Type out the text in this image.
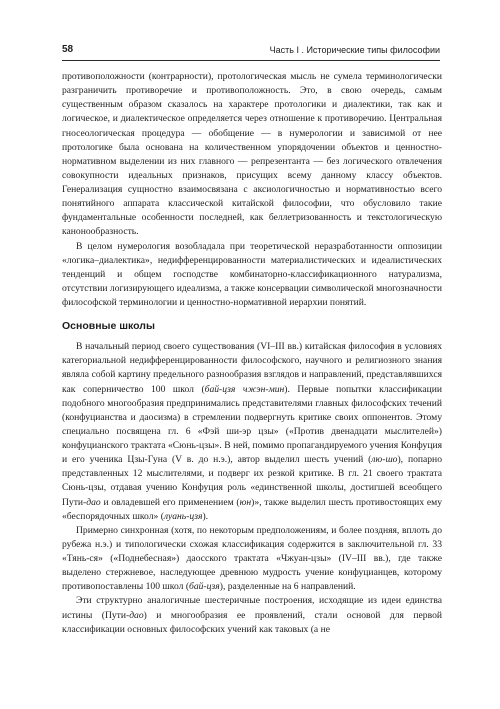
58	Часть I . Исторические типы философии

противоположности (контрарности), протологическая мысль не сумела терминологически разграничить противоречие и противоположность. Это, в свою очередь, самым существенным образом сказалось на характере протологики и диалектики, так как и логическое, и диалектическое определяется через отношение к противоречию. Центральная гносеологическая процедура — обобщение — в нумерологии и зависимой от нее протологике была основана на количественном упорядочении объектов и ценностно-нормативном выделении из них главного — репрезентанта — без логического отвлечения совокупности идеальных признаков, присущих всему данному классу объектов. Генерализация сущностно взаимосвязана с аксиологичностью и нормативностью всего понятийного аппарата классической китайской философии, что обусловило такие фундаментальные особенности последней, как беллетризованность и текстологическую канонообразность.

В целом нумерология возобладала при теоретической неразработанности оппозиции «логика–диалектика», недифференцированности материалистических и идеалистических тенденций и общем господстве комбинаторно-классификационного натурализма, отсутствии логизирующего идеализма, а также консервации символической многозначности философской терминологии и ценностно-нормативной иерархии понятий.

Основные школы

В начальный период своего существования (VI–III вв.) китайская философия в условиях категориальной недифференцированности философского, научного и религиозного знания являла собой картину предельного разнообразия взглядов и направлений, представлявшихся как соперничество 100 школ (бай-цзя чжэн-мин). Первые попытки классификации подобного многообразия предпринимались представителями главных философских течений (конфуцианства и даосизма) в стремлении подвергнуть критике своих оппонентов. Этому специально посвящена гл. 6 «Фэй ши-эр цзы» («Против двенадцати мыслителей») конфуцианского трактата «Сюнь-цзы». В ней, помимо пропагандируемого учения Конфуция и его ученика Цзы-Гуна (V в. до н.э.), автор выделил шесть учений (лю-шо), попарно представленных 12 мыслителями, и подверг их резкой критике. В гл. 21 своего трактата Сюнь-цзы, отдавая учению Конфуция роль «единственной школы, достигшей всеобщего Пути-дао и овладевшей его применением (юн)», также выделил шесть противостоящих ему «беспорядочных школ» (луань-цзя).

Примерно синхронная (хотя, по некоторым предположениям, и более поздняя, вплоть до рубежа н.э.) и типологически схожая классификация содержится в заключительной гл. 33 «Тянь-ся» («Поднебесная») даосского трактата «Чжуан-цзы» (IV–III вв.), где также выделено стержневое, наследующее древнюю мудрость учение конфуцианцев, которому противопоставлены 100 школ (бай-цзя), разделенные на 6 направлений.

Эти структурно аналогичные шестеричные построения, исходящие из идеи единства истины (Пути-дао) и многообразия ее проявлений, стали основой для первой классификации основных философских учений как таковых (а не
